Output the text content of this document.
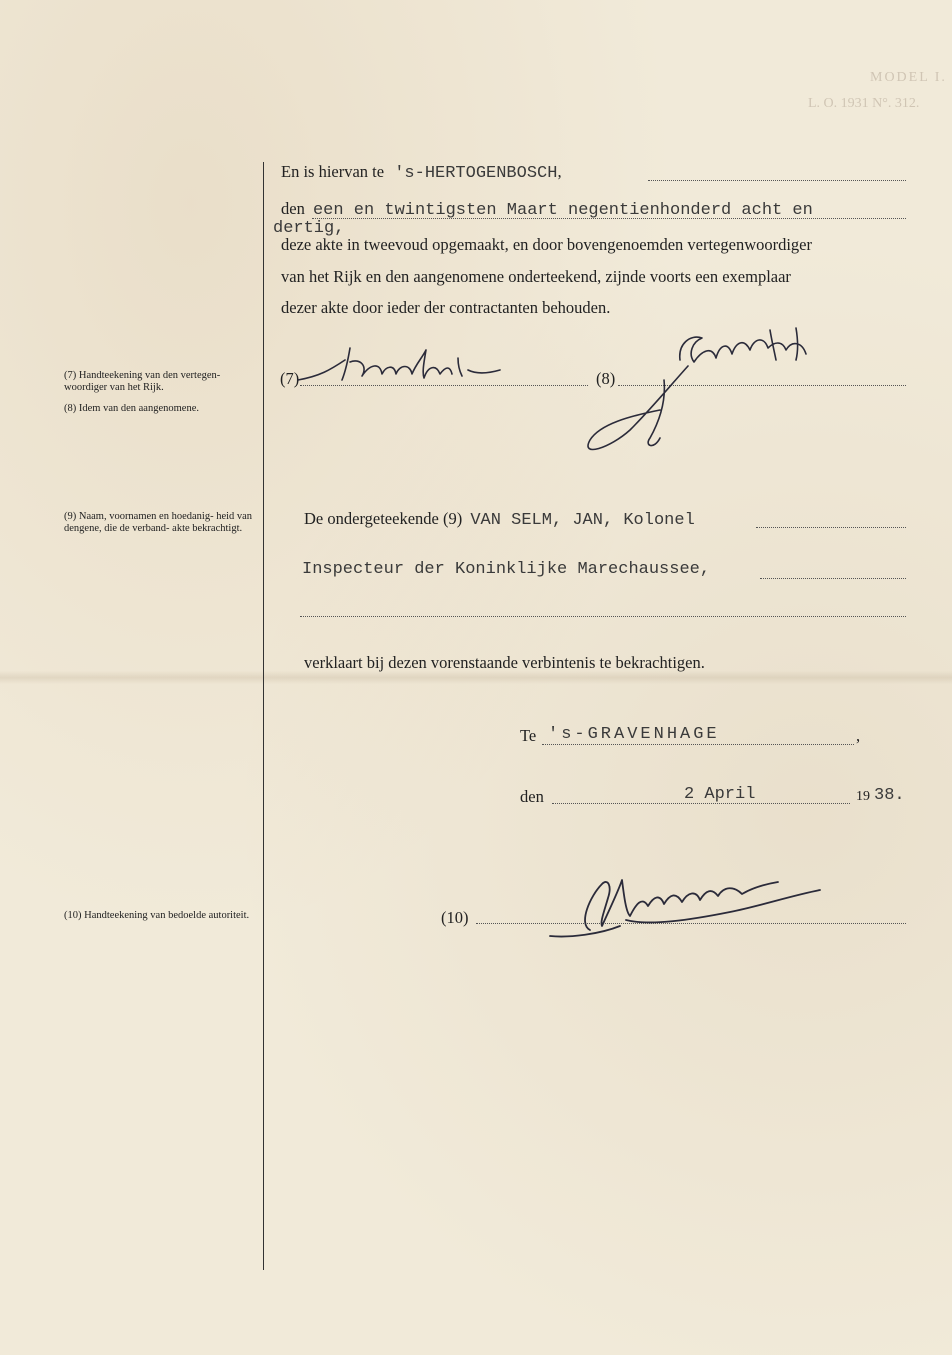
MODEL I.
L. O. 1931 N°. 312.
En is hiervan te 's-HERTOGENBOSCH,
den een en twintigsten Maart negentienhonderd acht en
dertig,
deze akte in tweevoud opgemaakt, en door bovengenoemden vertegenwoordiger
van het Rijk en den aangenomene onderteekend, zijnde voorts een exemplaar
dezer akte door ieder der contractanten behouden.
(7)	(8)
(7) Handteekening van den vertegen- woordiger van het Rijk.
(8) Idem van den aangenomene.
De ondergeteekende (9) VAN SELM, JAN, Kolonel
Inspecteur der Koninklijke Marechaussee,
(9) Naam, voornamen en hoedanig- heid van dengene, die de verband- akte bekrachtigt.
verklaart bij dezen vorenstaande verbintenis te bekrachtigen.
Te 's-GRAVENHAGE	,
den	2 April	19 38.
(10)
(10) Handteekening van bedoelde autoriteit.
